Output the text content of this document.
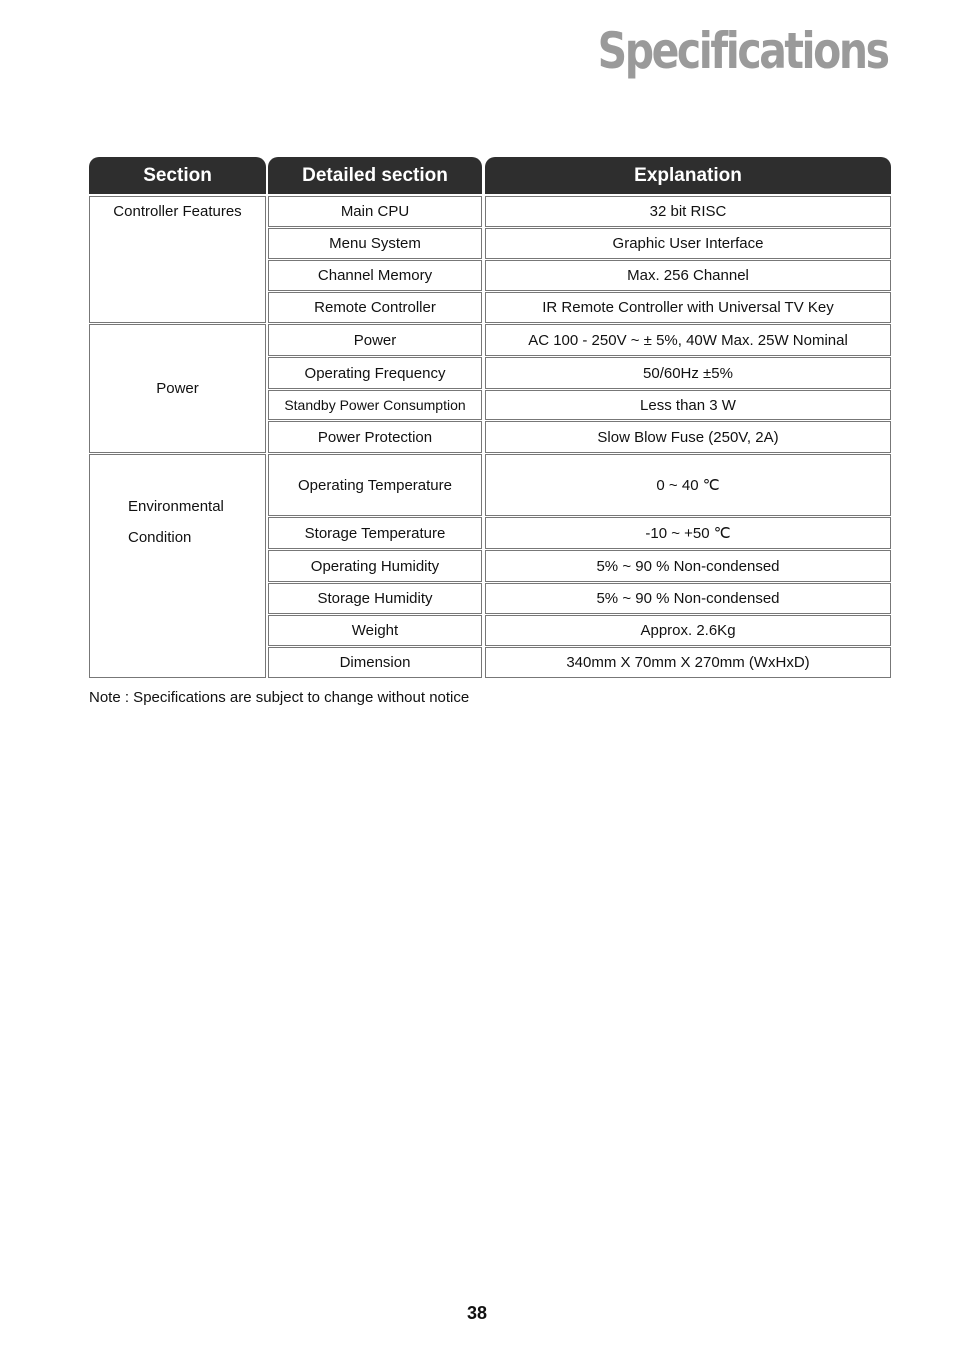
Specifications
Section	Detailed section	Explanation
Controller Features
Power
Environmental
Condition
Main CPU
Menu System
Channel Memory
Remote Controller
Power
Operating Frequency
Standby Power Consumption
Power Protection
Operating Temperature
Storage Temperature
Operating Humidity
Storage Humidity
Weight
Dimension
32 bit RISC
Graphic User Interface
Max. 256 Channel
IR Remote Controller with Universal TV Key
AC 100 - 250V ~ ± 5%, 40W Max. 25W Nominal
50/60Hz ±5%
Less than 3 W
Slow Blow Fuse (250V, 2A)
0 ~ 40 ℃
-10 ~ +50 ℃
5% ~ 90 % Non-condensed
5% ~ 90 % Non-condensed
Approx. 2.6Kg
340mm X 70mm X 270mm (WxHxD)
Note : Specifications are subject to change without notice
38
